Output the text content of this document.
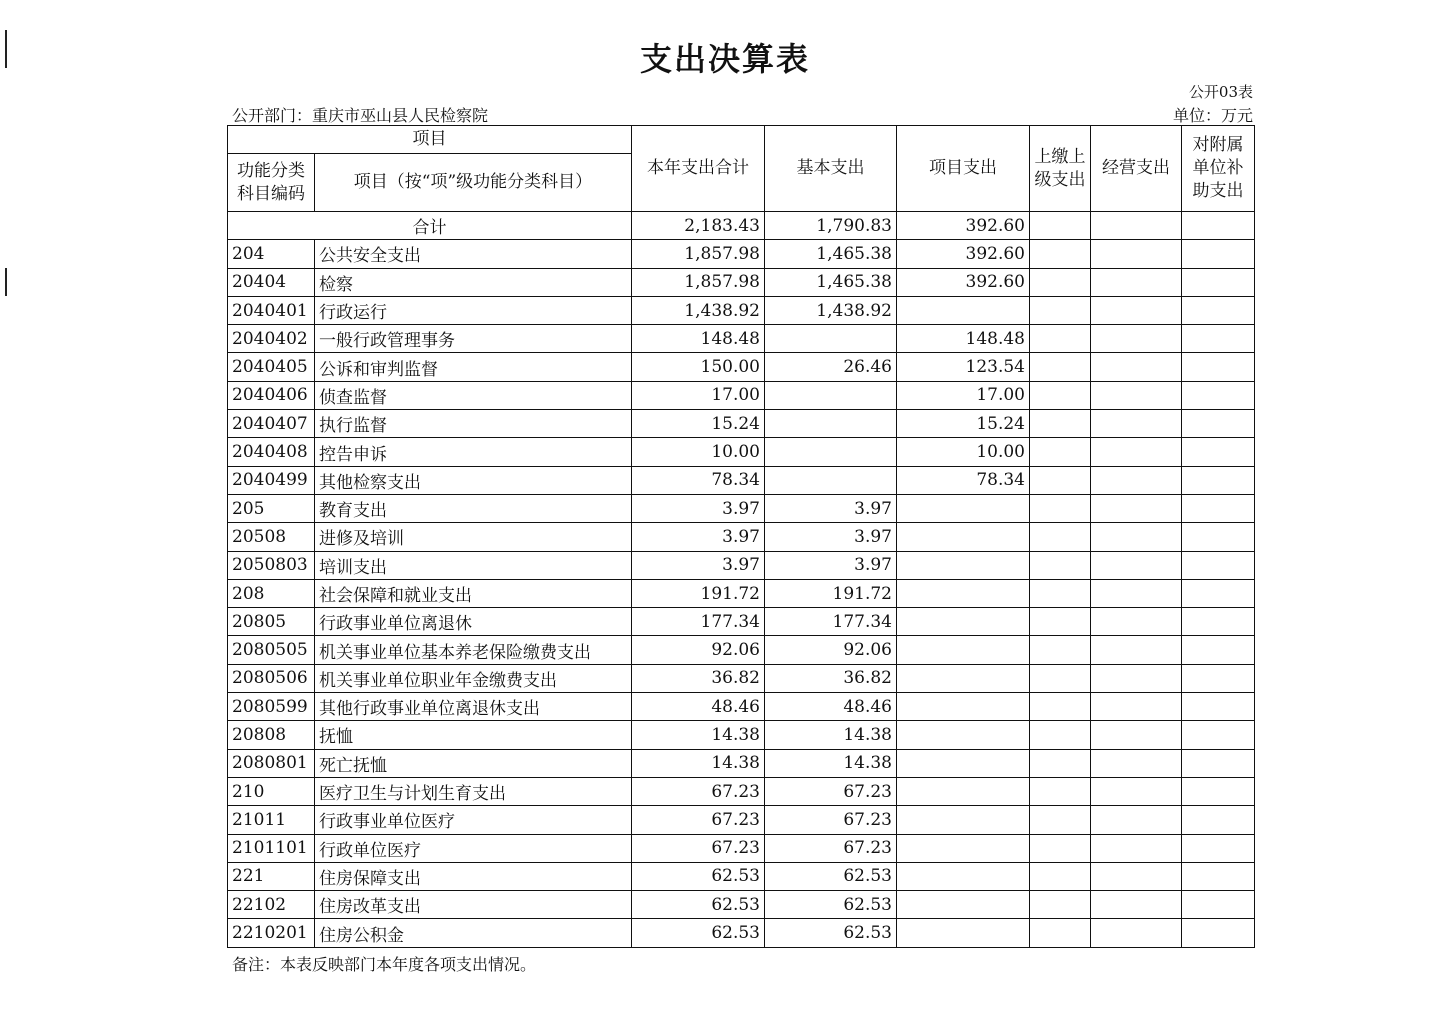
支出决算表
公开03表
公开部门：重庆市巫山县人民检察院	单位：万元
项目		本年支出合计	基本支出	项目支出	上缴上级支出	经营支出	对附属单位补助支出
功能分类科目编码	项目（按“项”级功能分类科目）						
合计		2,183.43	1,790.83	392.60			
204	公共安全支出	1,857.98	1,465.38	392.60			
20404	检察	1,857.98	1,465.38	392.60			
2040401	行政运行	1,438.92	1,438.92				
2040402	一般行政管理事务	148.48		148.48			
2040405	公诉和审判监督	150.00	26.46	123.54			
2040406	侦查监督	17.00		17.00			
2040407	执行监督	15.24		15.24			
2040408	控告申诉	10.00		10.00			
2040499	其他检察支出	78.34		78.34			
205	教育支出	3.97	3.97				
20508	进修及培训	3.97	3.97				
2050803	培训支出	3.97	3.97				
208	社会保障和就业支出	191.72	191.72				
20805	行政事业单位离退休	177.34	177.34				
2080505	机关事业单位基本养老保险缴费支出	92.06	92.06				
2080506	机关事业单位职业年金缴费支出	36.82	36.82				
2080599	其他行政事业单位离退休支出	48.46	48.46				
20808	抚恤	14.38	14.38				
2080801	死亡抚恤	14.38	14.38				
210	医疗卫生与计划生育支出	67.23	67.23				
21011	行政事业单位医疗	67.23	67.23				
2101101	行政单位医疗	67.23	67.23				
221	住房保障支出	62.53	62.53				
22102	住房改革支出	62.53	62.53				
2210201	住房公积金	62.53	62.53				
备注：本表反映部门本年度各项支出情况。
